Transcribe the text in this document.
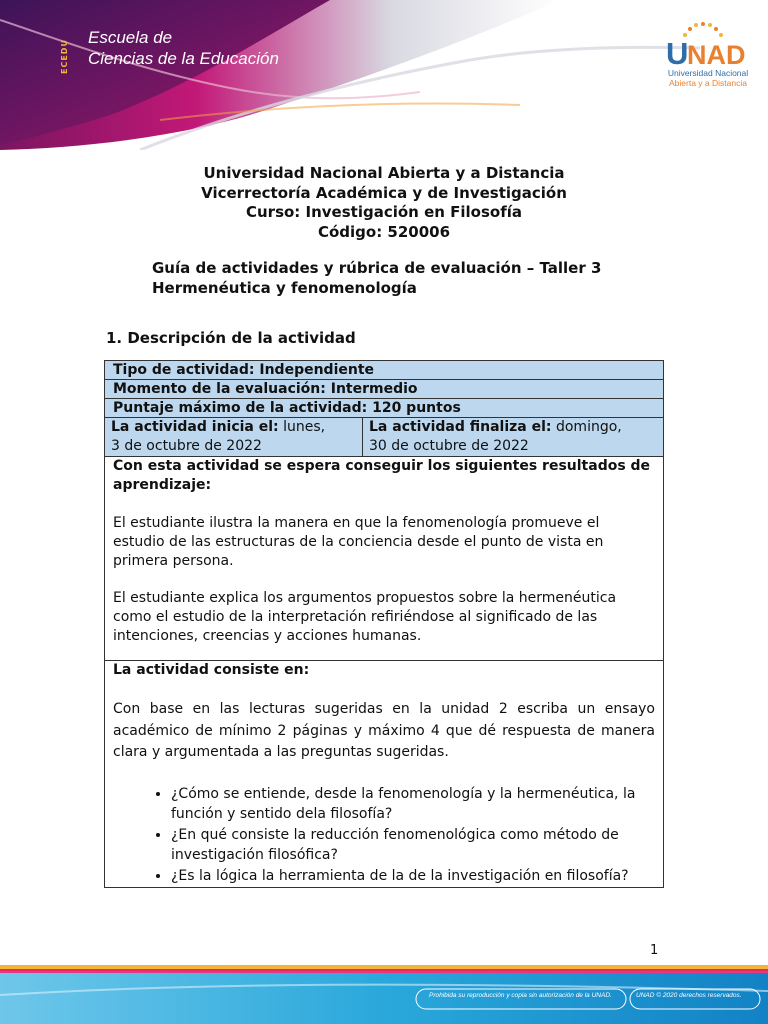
ECEDU
Escuela de
Ciencias de la Educación	U
NAD
Universidad Nacional
Abierta y a Distancia
Universidad Nacional Abierta y a Distancia
Vicerrectoría Académica y de Investigación
Curso: Investigación en Filosofía
Código: 520006
Guía de actividades y rúbrica de evaluación – Taller 3
Hermenéutica y fenomenología
1. Descripción de la actividad
Tipo de actividad: Independiente
Momento de la evaluación: Intermedio
Puntaje máximo de la actividad: 120 puntos
La actividad inicia el: lunes,
3 de octubre de 2022
La actividad finaliza el: domingo,
30 de octubre de 2022

Con esta actividad se espera conseguir los siguientes resultados de aprendizaje:

El estudiante ilustra la manera en que la fenomenología promueve el estudio de las estructuras de la conciencia desde el punto de vista en primera persona.

El estudiante explica los argumentos propuestos sobre la hermenéutica como el estudio de la interpretación refiriéndose al significado de las intenciones, creencias y acciones humanas.

La actividad consiste en:

Con base en las lecturas sugeridas en la unidad 2 escriba un ensayo académico de mínimo 2 páginas y máximo 4 que dé respuesta de manera clara y argumentada a las preguntas sugeridas.

• ¿Cómo se entiende, desde la fenomenología y la hermenéutica, la función y sentido dela filosofía?
• ¿En qué consiste la reducción fenomenológica como método de investigación filosófica?
• ¿Es la lógica la herramienta de la de la investigación en filosofía?
1
Prohibida su reproducción y copia sin autorización de la UNAD.	UNAD © 2020 derechos reservados.
